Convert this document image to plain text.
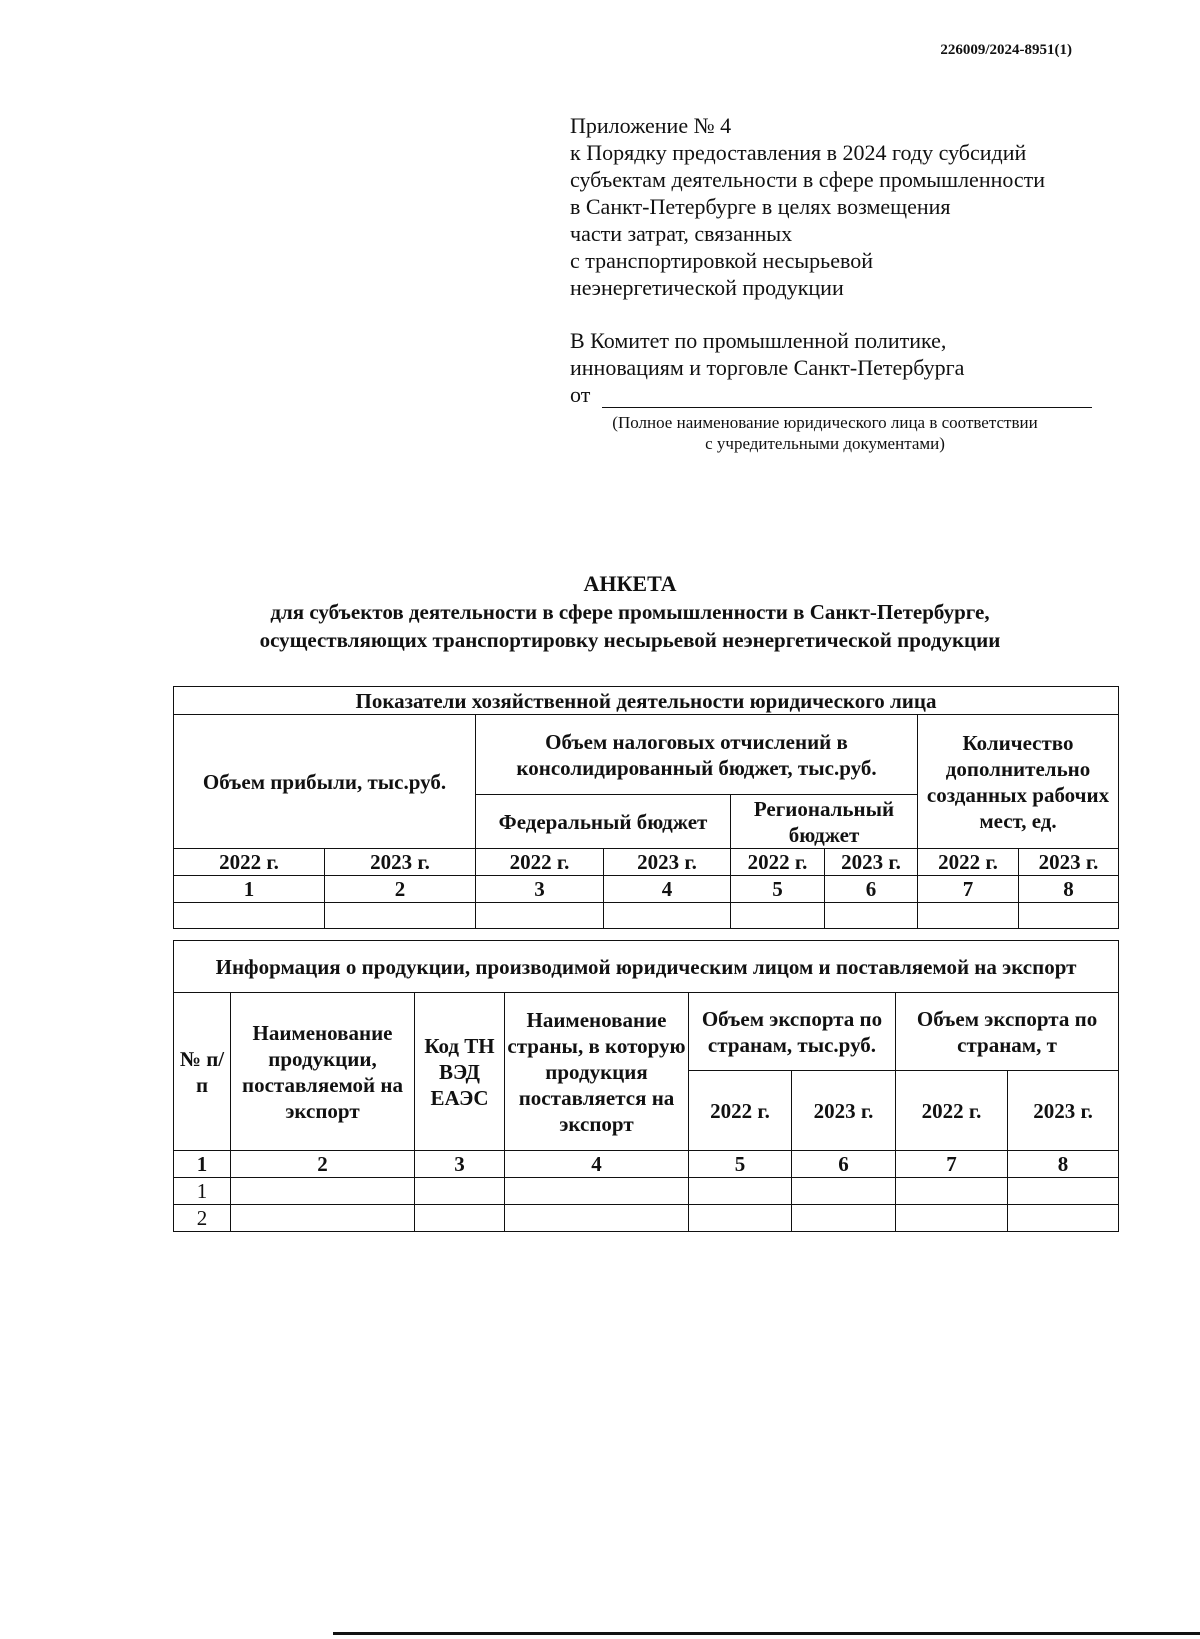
226009/2024-8951(1)
Приложение № 4
к Порядку предоставления в 2024 году субсидий
субъектам деятельности в сфере промышленности
в Санкт-Петербурге в целях возмещения
части затрат, связанных
с транспортировкой несырьевой
неэнергетической продукции
В Комитет по промышленной политике,
инновациям и торговле Санкт-Петербурга
от
(Полное наименование юридического лица в соответствии
с учредительными документами)
АНКЕТА
для субъектов деятельности в сфере промышленности в Санкт-Петербурге,
осуществляющих транспортировку несырьевой неэнергетической продукции
Показатели хозяйственной деятельности юридического лица							
Объем прибыли, тыс.руб.		Объем налоговых отчислений в консолидированный бюджет, тыс.руб.				Количество дополнительно созданных рабочих мест, ед.	
		Федеральный бюджет		Региональный бюджет			
2022 г.	2023 г.	2022 г.	2023 г.	2022 г.	2023 г.	2022 г.	2023 г.
1	2	3	4	5	6	7	8

Информация о продукции, производимой юридическим лицом и поставляемой на экспорт							
№ п/п	Наименование продукции, поставляемой на экспорт	Код ТН ВЭД ЕАЭС	Наименование страны, в которую продукция поставляется на экспорт	Объем экспорта по странам, тыс.руб.		Объем экспорта по странам, т	
				2022 г.	2023 г.	2022 г.	2023 г.
1	2	3	4	5	6	7	8
1							
2							
